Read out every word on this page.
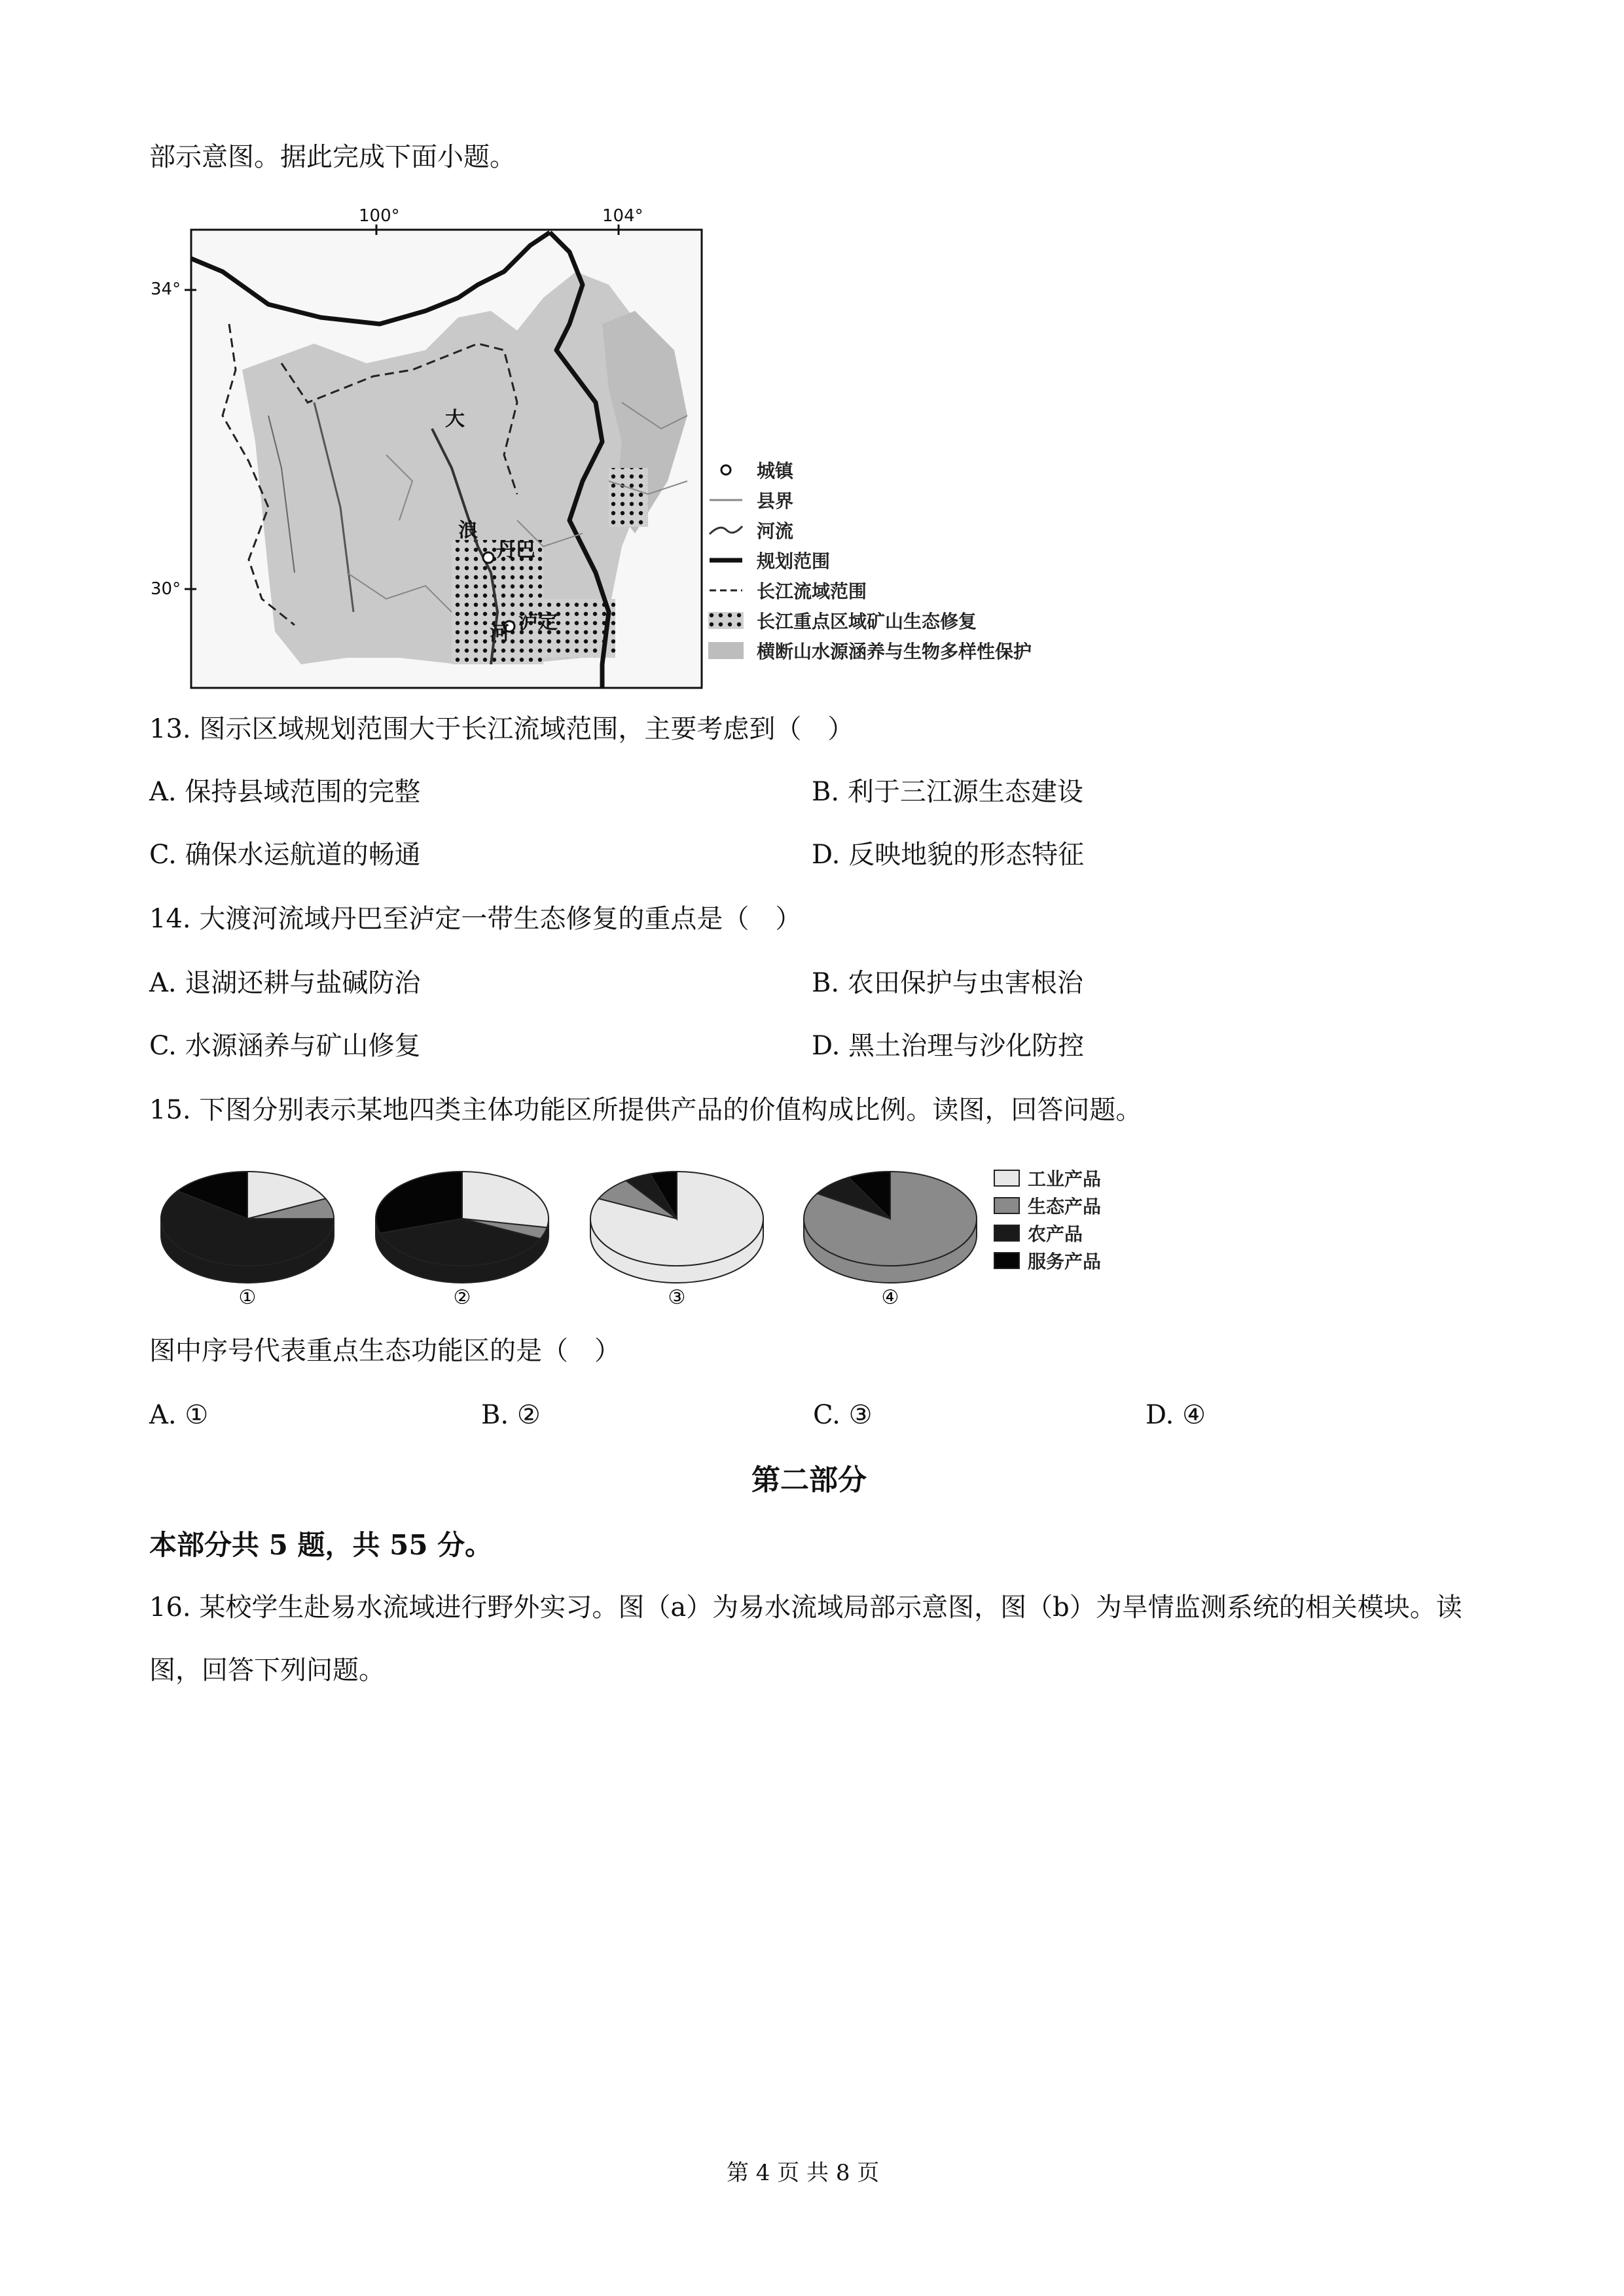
部示意图。据此完成下面小题。
100°	104°
34°
30°
浪
丹巴
泸定
大
河
城镇
县界
河流
规划范围
长江流域范围
长江重点区域矿山生态修复
横断山水源涵养与生物多样性保护
13. 图示区域规划范围大于长江流域范围，主要考虑到（　）
A. 保持县域范围的完整	B. 利于三江源生态建设
C. 确保水运航道的畅通	D. 反映地貌的形态特征
14. 大渡河流域丹巴至泸定一带生态修复的重点是（　）
A. 退湖还耕与盐碱防治	B. 农田保护与虫害根治
C. 水源涵养与矿山修复	D. 黑土治理与沙化防控
15. 下图分别表示某地四类主体功能区所提供产品的价值构成比例。读图，回答问题。
①	②	③	④
工业产品
生态产品
农产品
服务产品
图中序号代表重点生态功能区的是（　）
A. ①	B. ②	C. ③	D. ④
第二部分
本部分共 5 题，共 55 分。
16. 某校学生赴易水流域进行野外实习。图（a）为易水流域局部示意图，图（b）为旱情监测系统的相关模块。读图，回答下列问题。
第 4 页 共 8 页
